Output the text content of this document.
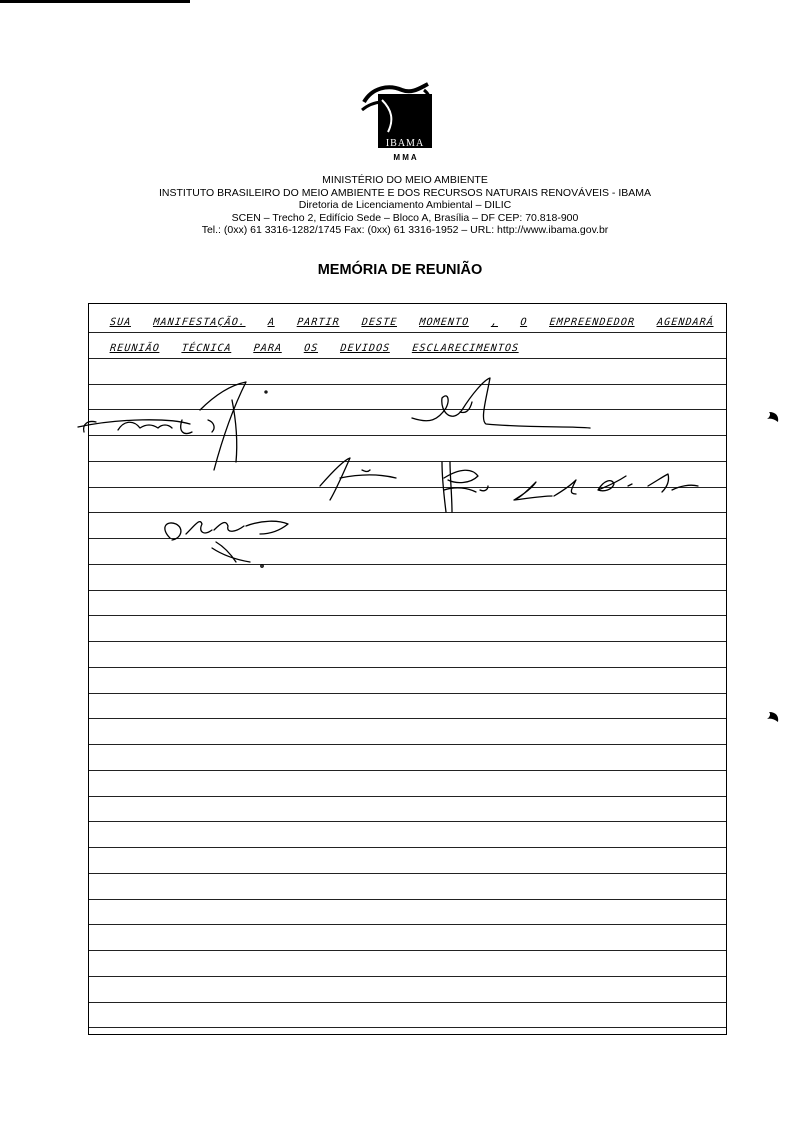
IBAMA
M M A
MINISTÉRIO DO MEIO AMBIENTE
INSTITUTO BRASILEIRO DO MEIO AMBIENTE E DOS RECURSOS NATURAIS RENOVÁVEIS - IBAMA
Diretoria de Licenciamento Ambiental – DILIC
SCEN – Trecho 2, Edifício Sede – Bloco A, Brasília – DF CEP: 70.818-900
Tel.: (0xx) 61 3316-1282/1745 Fax: (0xx) 61 3316-1952 – URL: http://www.ibama.gov.br
MEMÓRIA DE REUNIÃO
SUA MANIFESTAÇÃO. A PARTIR DESTE MOMENTO , O EMPREENDEDOR AGENDARÁ
REUNIÃO TÉCNICA PARA OS DEVIDOS ESCLARECIMENTOS
